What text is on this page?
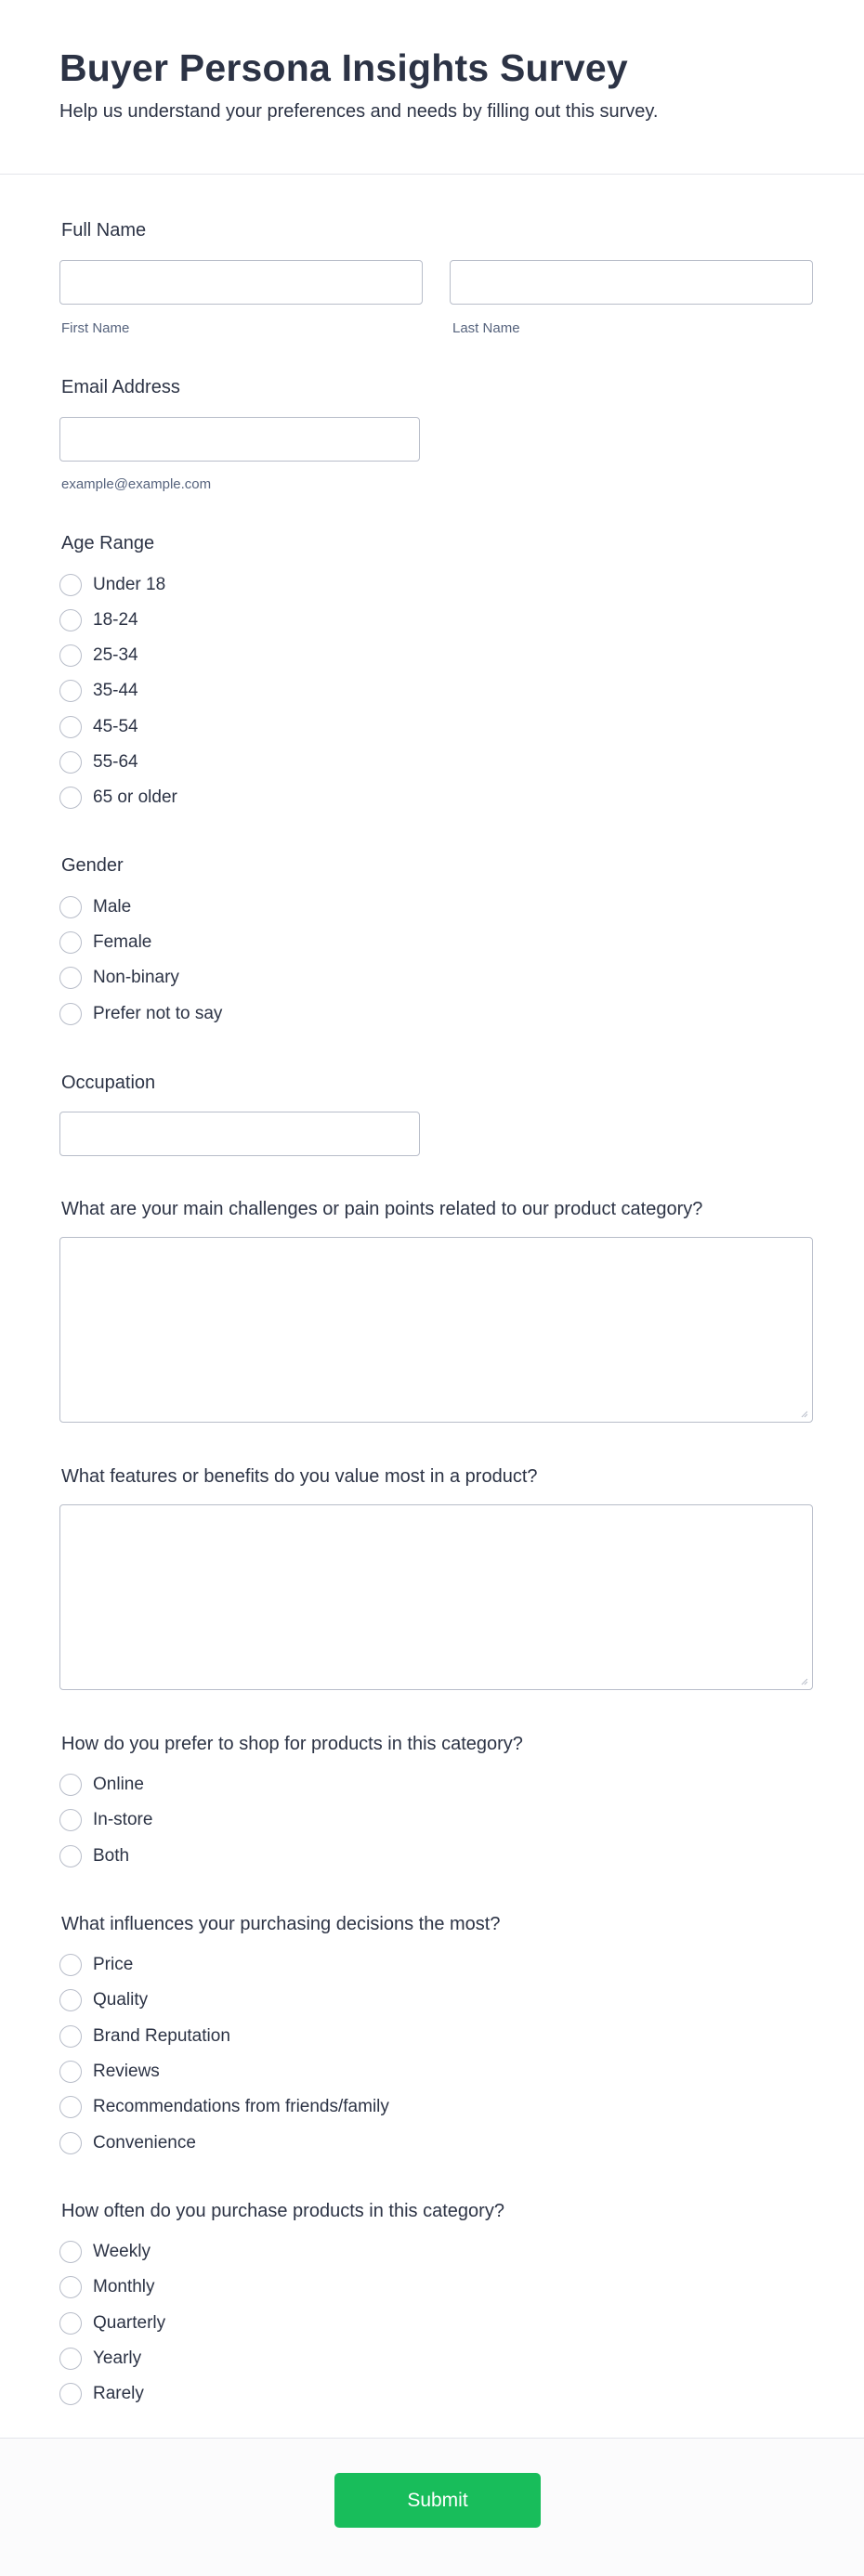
Buyer Persona Insights Survey
Help us understand your preferences and needs by filling out this survey.
Full Name
First Name	Last Name
Email Address
example@example.com
Age Range
Under 18
18-24
25-34
35-44
45-54
55-64
65 or older
Gender
Male
Female
Non-binary
Prefer not to say
Occupation
What are your main challenges or pain points related to our product category?
What features or benefits do you value most in a product?
How do you prefer to shop for products in this category?
Online
In-store
Both
What influences your purchasing decisions the most?
Price
Quality
Brand Reputation
Reviews
Recommendations from friends/family
Convenience
How often do you purchase products in this category?
Weekly
Monthly
Quarterly
Yearly
Rarely
Submit
